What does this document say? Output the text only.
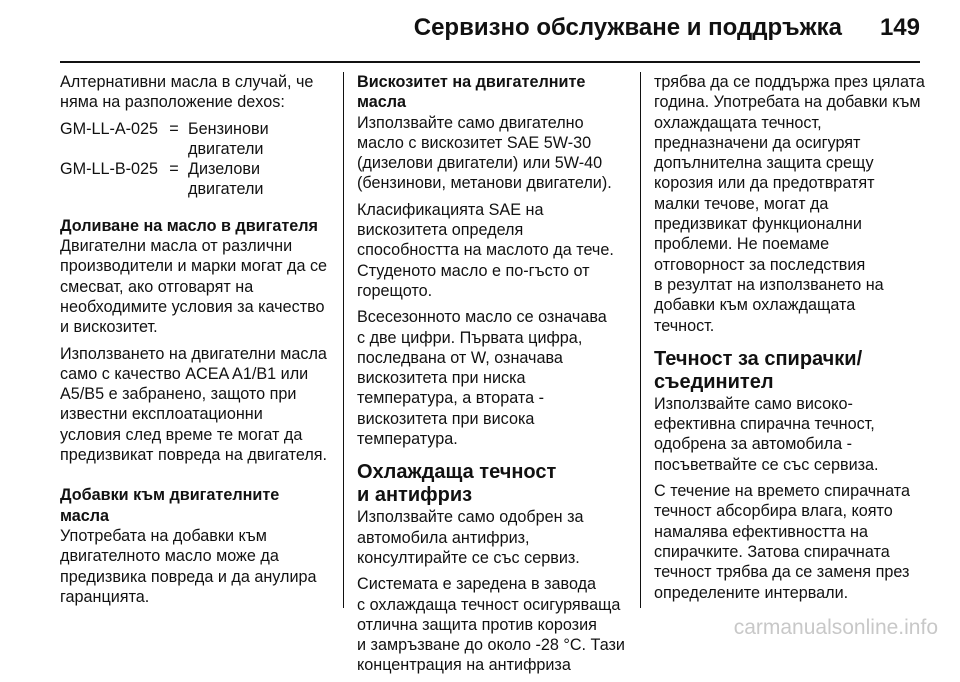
Сервизно обслужване и поддръжка 149

Алтернативни масла в случай, че
няма на разположение dexos:

GM-LL-A-025	=	Бензинови
двигатели

GM-LL-B-025	=	Дизелови
двигатели
Доливане на масло в двигателя

Двигателни масла от различни
производители и марки могат да се
смесват, ако отговарят на
необходимите условия за качество
и вискозитет.

Използването на двигателни масла
само с качество ACEA A1/B1 или
A5/B5 е забранено, защото при
известни експлоатационни
условия след време те могат да
предизвикат повреда на двигателя.

Добавки към двигателните масла

Употребата на добавки към
двигателното масло може да
предизвика повреда и да анулира
гаранцията.

Вискозитет на двигателните масла

Използвайте само двигателно
масло с вискозитет SAE 5W-30
(дизелови двигатели) или 5W-40
(бензинови, метанови двигатели).

Класификацията SAE на
вискозитета определя
способността на маслото да тече.
Студеното масло е по-гъсто от
горещото.

Всесезонното масло се означава
с две цифри. Първата цифра,
последвана от W, означава
вискозитета при ниска
температура, а втората -
вискозитета при висока
температура.

Охлаждаща течност
и антифриз

Използвайте само одобрен за
автомобила антифриз,
консултирайте се със сервиз.

Системата е заредена в завода
с охлаждаща течност осигуряваща
отлична защита против корозия
и замръзване до около -28 °C. Тази
концентрация на антифриза

трябва да се поддържа през цялата
година. Употребата на добавки към
охлаждащата течност,
предназначени да осигурят
допълнителна защита срещу
корозия или да предотвратят
малки течове, могат да
предизвикат функционални
проблеми. Не поемаме
отговорност за последствия
в резултат на използването на
добавки към охлаждащата
течност.

Течност за спирачки/
съединител

Използвайте само високо-
ефективна спирачна течност,
одобрена за автомобила -
посъветвайте се със сервиза.

С течение на времето спирачната
течност абсорбира влага, която
намалява ефективността на
спирачките. Затова спирачната
течност трябва да се заменя през
определените интервали.

carmanualsonline.info
